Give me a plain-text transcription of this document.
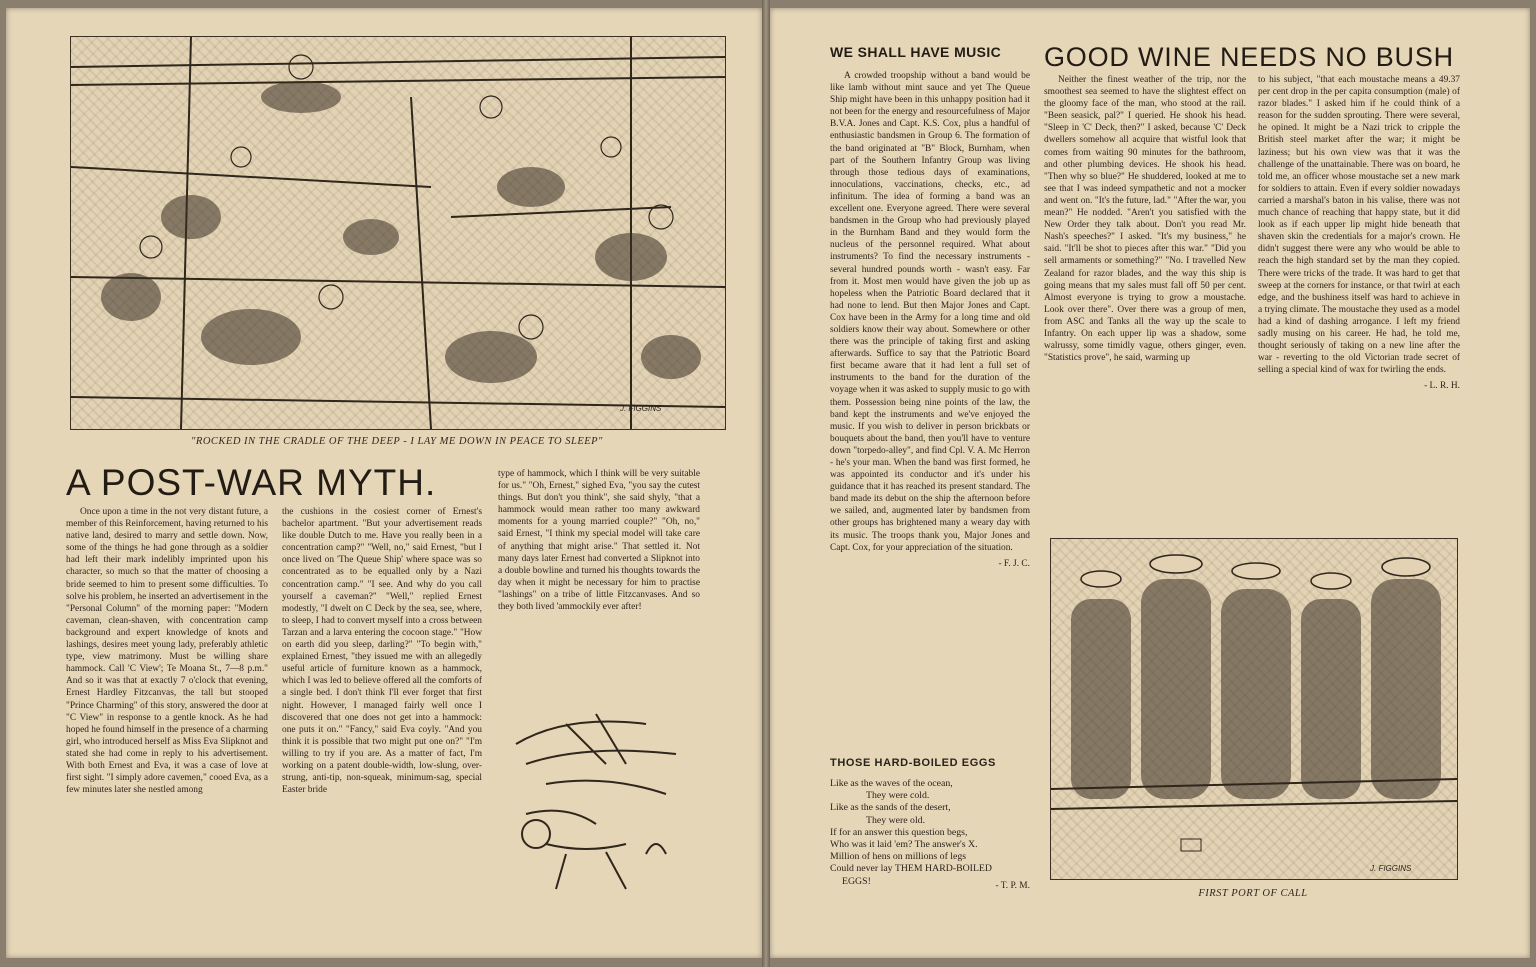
J. FIGGINS
"ROCKED IN THE CRADLE OF THE DEEP - I LAY ME DOWN IN PEACE TO SLEEP"
A POST-WAR MYTH.

Once upon a time in the not very distant future, a member of this Reinforcement, having returned to his native land, desired to marry and settle down. Now, some of the things he had gone through as a soldier had left their mark indelibly imprinted upon his character, so much so that the matter of choosing a bride seemed to him to present some difficulties. To solve his problem, he inserted an advertisement in the "Personal Column" of the morning paper: "Modern caveman, clean-shaven, with concentration camp background and expert knowledge of knots and lashings, desires meet young lady, preferably athletic type, view matrimony. Must be willing share hammock. Call 'C View'; Te Moana St., 7—8 p.m." And so it was that at exactly 7 o'clock that evening, Ernest Hardley Fitzcanvas, the tall but stooped "Prince Charming" of this story, answered the door at "C View" in response to a gentle knock. As he had hoped he found himself in the presence of a charming girl, who introduced herself as Miss Eva Slipknot and stated she had come in reply to his advertisement. With both Ernest and Eva, it was a case of love at first sight. "I simply adore cavemen," cooed Eva, as a few minutes later she nestled among

the cushions in the cosiest corner of Ernest's bachelor apartment. "But your advertisement reads like double Dutch to me. Have you really been in a concentration camp?" "Well, no," said Ernest, "but I once lived on 'The Queue Ship' where space was so concentrated as to be equalled only by a Nazi concentration camp." "I see. And why do you call yourself a caveman?" "Well," replied Ernest modestly, "I dwelt on C Deck by the sea, see, where, to sleep, I had to convert myself into a cross between Tarzan and a larva entering the cocoon stage." "How on earth did you sleep, darling?" "To begin with," explained Ernest, "they issued me with an allegedly useful article of furniture known as a hammock, which I was led to believe offered all the comforts of a single bed. I don't think I'll ever forget that first night. However, I managed fairly well once I discovered that one does not get into a hammock: one puts it on." "Fancy," said Eva coyly. "And you think it is possible that two might put one on?" "I'm willing to try if you are. As a matter of fact, I'm working on a patent double-width, low-slung, over-strung, anti-tip, non-squeak, minimum-sag, special Easter bride

type of hammock, which I think will be very suitable for us." "Oh, Ernest," sighed Eva, "you say the cutest things. But don't you think", she said shyly, "that a hammock would mean rather too many awkward moments for a young married couple?" "Oh, no," said Ernest, "I think my special model will take care of anything that might arise." That settled it. Not many days later Ernest had converted a Slipknot into a double bowline and turned his thoughts towards the day when it might be necessary for him to practise "lashings" on a tribe of little Fitzcanvases. And so they both lived 'ammockily ever after!

WE SHALL HAVE MUSIC

A crowded troopship without a band would be like lamb without mint sauce and yet The Queue Ship might have been in this unhappy position had it not been for the energy and resourcefulness of Major B.V.A. Jones and Capt. K.S. Cox, plus a handful of enthusiastic bandsmen in Group 6. The formation of the band originated at "B" Block, Burnham, when part of the Southern Infantry Group was living through those tedious days of examinations, innoculations, vaccinations, checks, etc., ad infinitum. The idea of forming a band was an excellent one. Everyone agreed. There were several bandsmen in the Group who had previously played in the Burnham Band and they would form the nucleus of the personnel required. What about instruments? To find the necessary instruments - several hundred pounds worth - wasn't easy. Far from it. Most men would have given the job up as hopeless when the Patriotic Board declared that it had none to lend. But then Major Jones and Capt. Cox have been in the Army for a long time and old soldiers know their way about. Somewhere or other there was the principle of taking first and asking afterwards. Suffice to say that the Patriotic Board first became aware that it had lent a full set of instruments to the band for the duration of the voyage when it was asked to supply music to go with them. Possession being nine points of the law, the band kept the instruments and we've enjoyed the music. If you wish to deliver in person brickbats or bouquets about the band, then you'll have to venture down "torpedo-alley", and find Cpl. V. A. Mc Herron - he's your man. When the band was first formed, he was appointed its conductor and it's under his guidance that it has reached its present standard. The band made its debut on the ship the afternoon before we sailed, and, augmented later by bandsmen from other groups has brightened many a weary day with its music. The troops thank you, Major Jones and Capt. Cox, for your appreciation of the situation.

- F. J. C.
THOSE HARD-BOILED EGGS
Like as the waves of the ocean,
They were cold.
Like as the sands of the desert,
They were old.
If for an answer this question begs,
Who was it laid 'em? The answer's X.
Million of hens on millions of legs
Could never lay THEM HARD-BOILED
EGGS!	- T. P. M.
GOOD WINE NEEDS NO BUSH

Neither the finest weather of the trip, nor the smoothest sea seemed to have the slightest effect on the gloomy face of the man, who stood at the rail. "Been seasick, pal?" I queried. He shook his head. "Sleep in 'C' Deck, then?" I asked, because 'C' Deck dwellers somehow all acquire that wistful look that comes from waiting 90 minutes for the bathroom, and other plumbing devices. He shook his head. "Then why so blue?" He shuddered, looked at me to see that I was indeed sympathetic and not a mocker and went on. "It's the future, lad." "After the war, you mean?" He nodded. "Aren't you satisfied with the New Order they talk about. Don't you read Mr. Nash's speeches?" I asked. "It's my business," he said. "It'll be shot to pieces after this war." "Did you sell armaments or something?" "No. I travelled New Zealand for razor blades, and the way this ship is going means that my sales must fall off 50 per cent. Almost everyone is trying to grow a moustache. Look over there". Over there was a group of men, from ASC and Tanks all the way up the scale to Infantry. On each upper lip was a shadow, some walrussy, some timidly vague, others ginger, even. "Statistics prove", he said, warming up

to his subject, "that each moustache means a 49.37 per cent drop in the per capita consumption (male) of razor blades." I asked him if he could think of a reason for the sudden sprouting. There were several, he opined. It might be a Nazi trick to cripple the British steel market after the war; it might be laziness; but his own view was that it was the challenge of the unattainable. There was on board, he told me, an officer whose moustache set a new mark for soldiers to attain. Even if every soldier nowadays carried a marshal's baton in his valise, there was not much chance of reaching that happy state, but it did look as if each upper lip might hide beneath that shaven skin the credentials for a major's crown. He didn't suggest there were any who would be able to reach the high standard set by the man they copied. There were tricks of the trade. It was hard to get that sweep at the corners for instance, or that twirl at each edge, and the bushiness itself was hard to achieve in a trying climate. The moustache they used as a model had a kind of dashing arrogance. I left my friend sadly musing on his career. He had, he told me, thought seriously of taking on a new line after the war - reverting to the old Victorian trade secret of selling a special kind of wax for twirling the ends.

- L. R. H.
J. FIGGINS
FIRST PORT OF CALL
